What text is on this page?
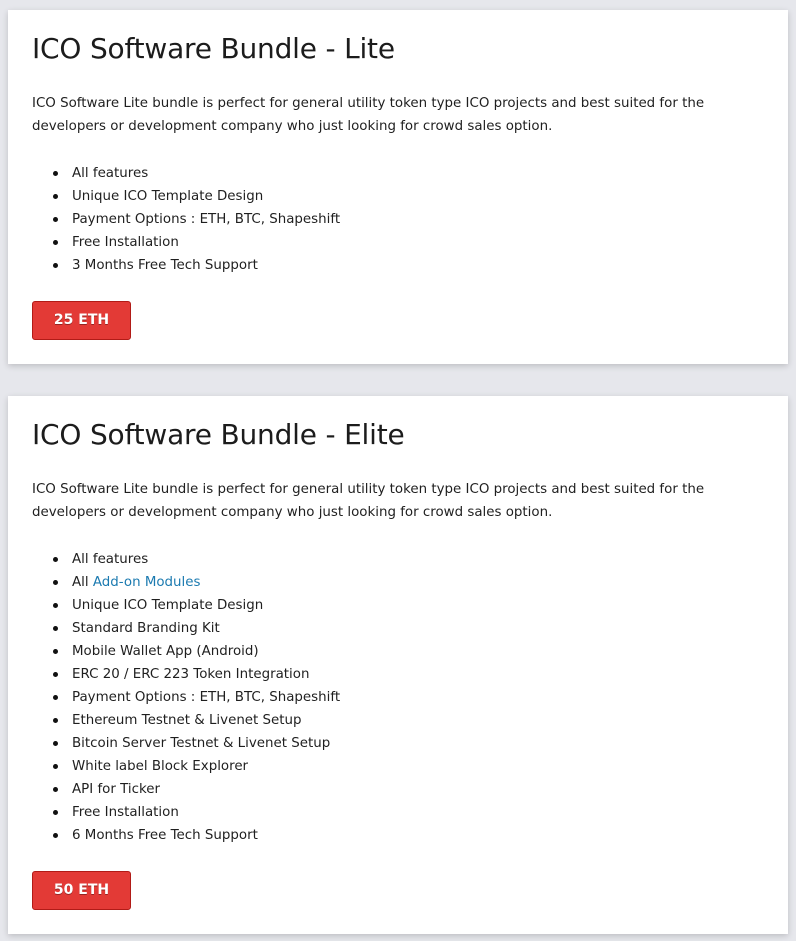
ICO Software Bundle - Lite

ICO Software Lite bundle is perfect for general utility token type ICO projects and best suited for the developers or development company who just looking for crowd sales option.

All features
Unique ICO Template Design
Payment Options : ETH, BTC, Shapeshift
Free Installation
3 Months Free Tech Support
25 ETH
ICO Software Bundle - Elite

ICO Software Lite bundle is perfect for general utility token type ICO projects and best suited for the developers or development company who just looking for crowd sales option.

All features
All Add-on Modules
Unique ICO Template Design
Standard Branding Kit
Mobile Wallet App (Android)
ERC 20 / ERC 223 Token Integration
Payment Options : ETH, BTC, Shapeshift
Ethereum Testnet & Livenet Setup
Bitcoin Server Testnet & Livenet Setup
White label Block Explorer
API for Ticker
Free Installation
6 Months Free Tech Support
50 ETH
